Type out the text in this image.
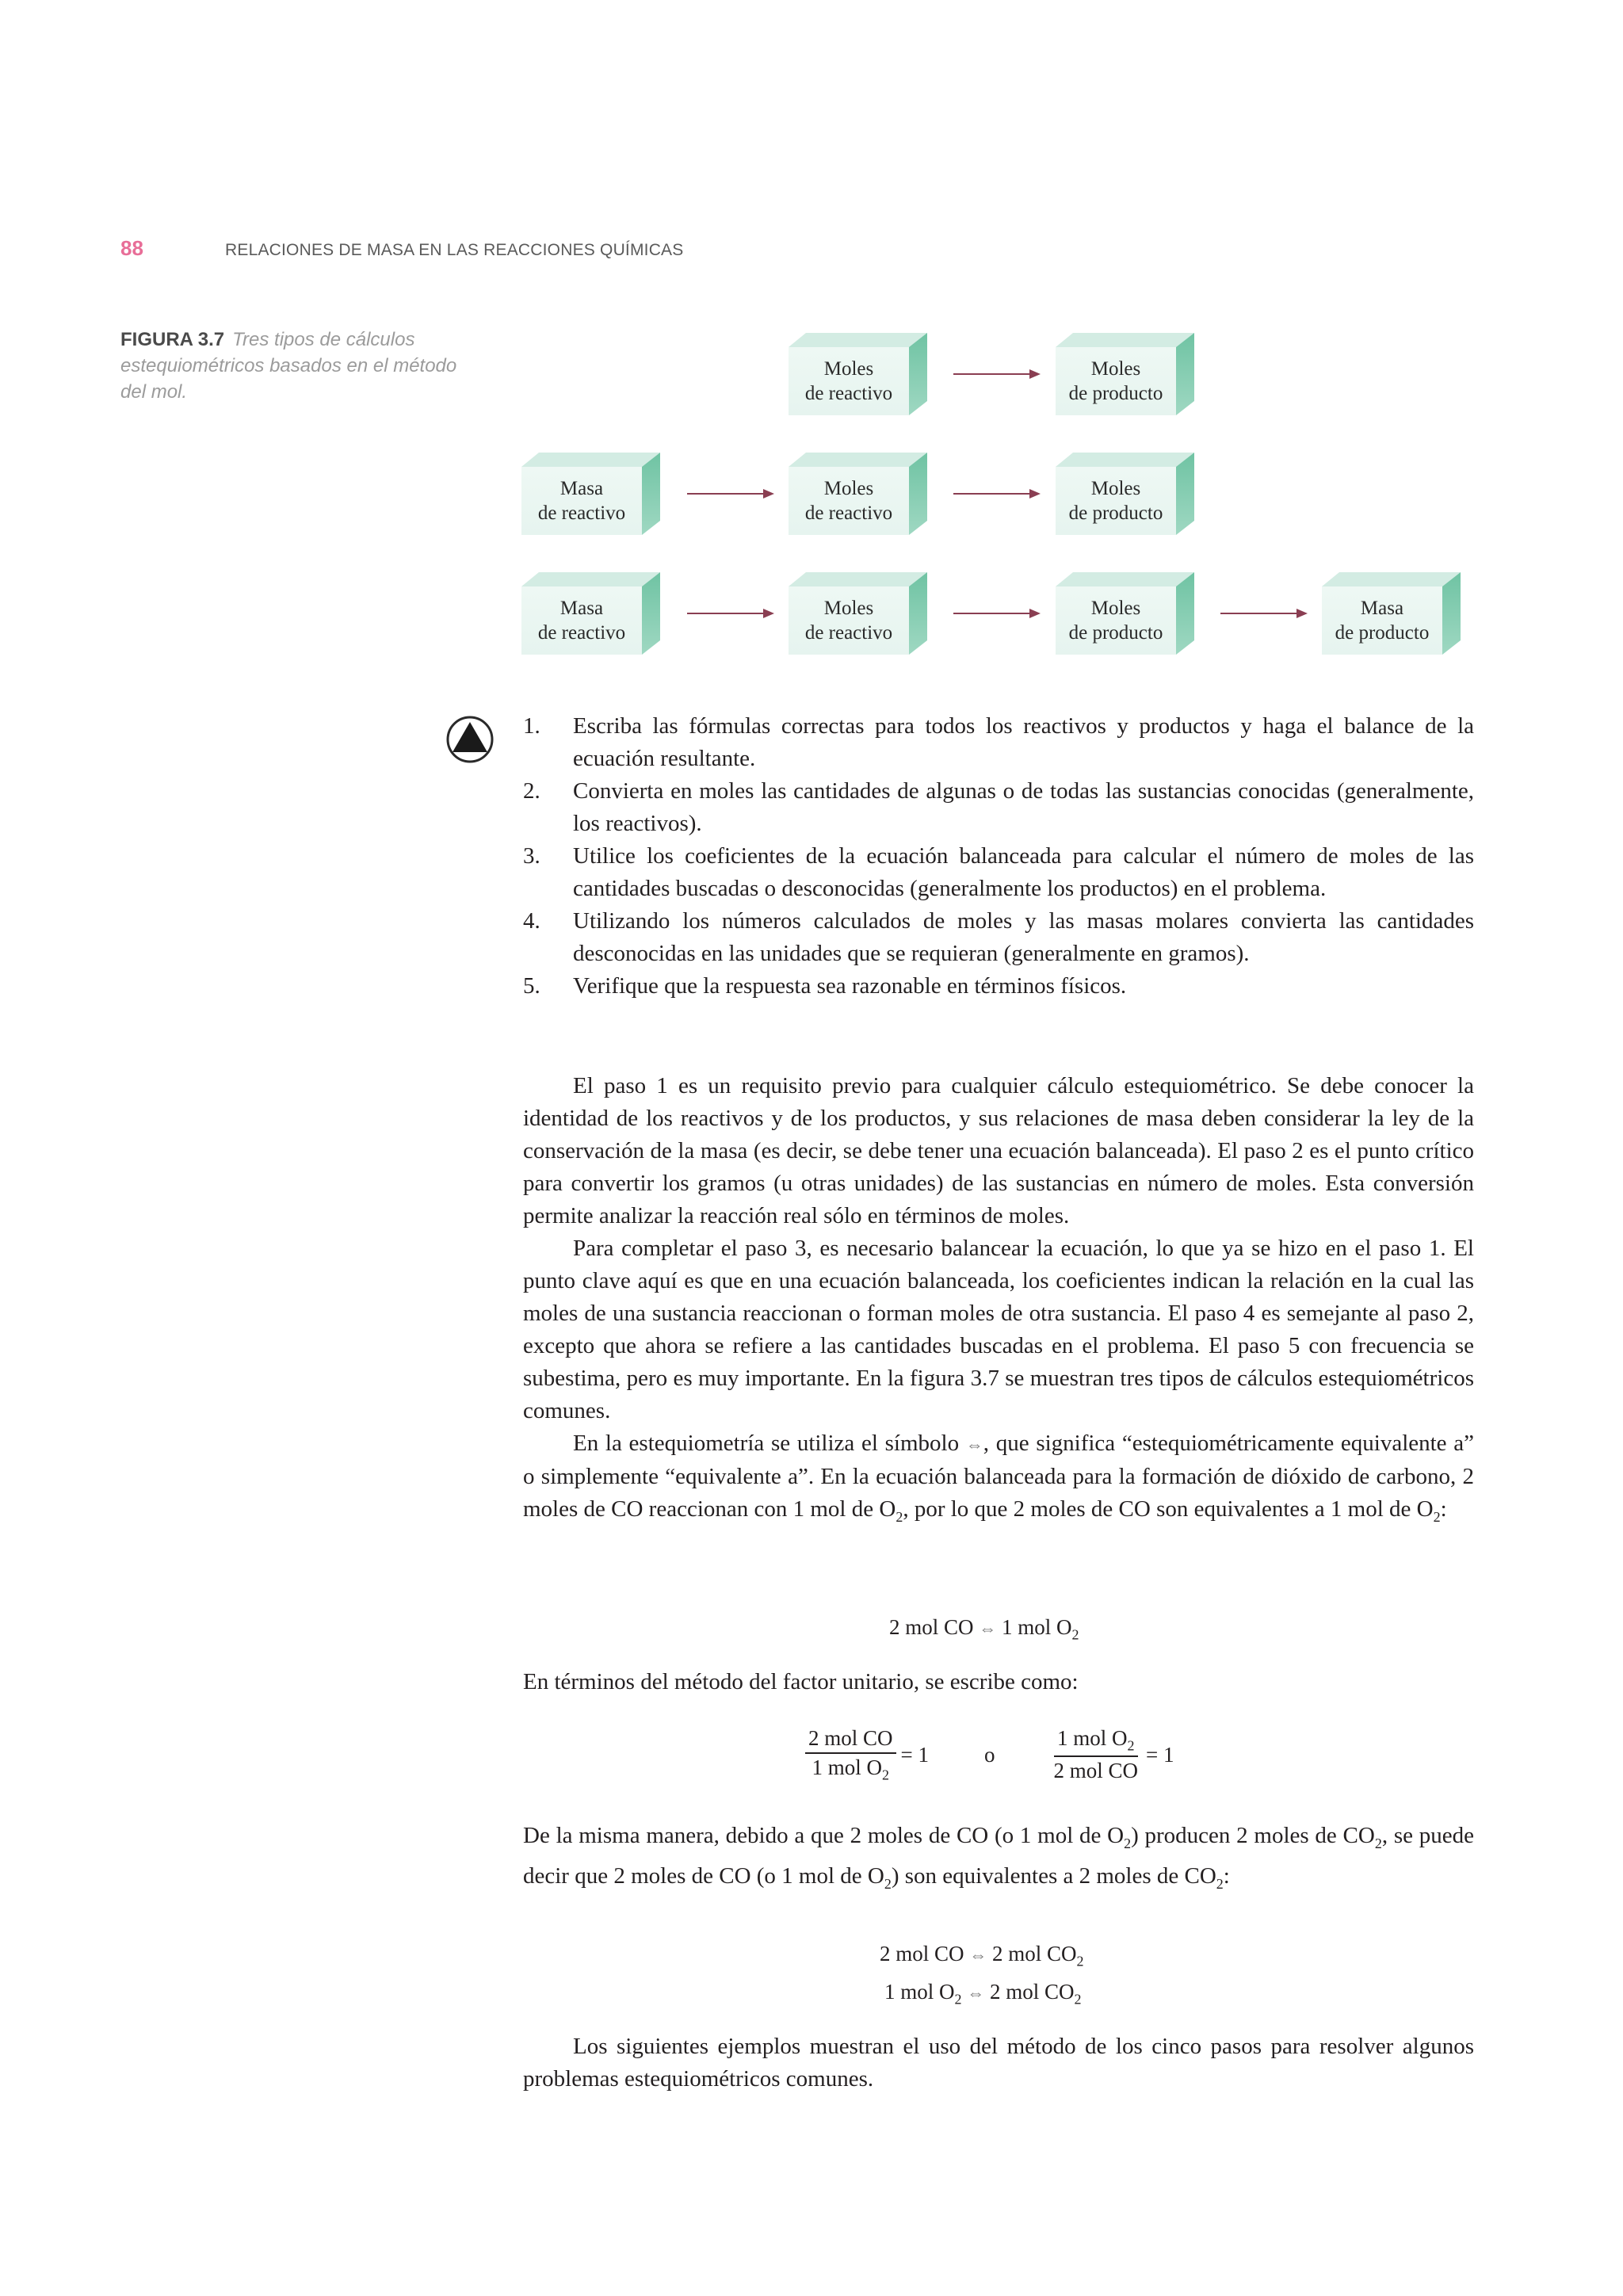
88	RELACIONES DE MASA EN LAS REACCIONES QUÍMICAS
FIGURA 3.7 Tres tipos de cálculos estequiométricos basados en el método del mol.
Moles
de reactivo
Moles
de producto
Masa
de reactivo
Moles
de reactivo
Moles
de producto
Masa
de reactivo
Moles
de reactivo
Moles
de producto
Masa
de producto
1.	Escriba las fórmulas correctas para todos los reactivos y productos y haga el balance de la ecuación resultante.
2.	Convierta en moles las cantidades de algunas o de todas las sustancias conocidas (generalmente, los reactivos).
3.	Utilice los coeficientes de la ecuación balanceada para calcular el número de moles de las cantidades buscadas o desconocidas (generalmente los productos) en el problema.
4.	Utilizando los números calculados de moles y las masas molares convierta las cantidades desconocidas en las unidades que se requieran (generalmente en gramos).
5.	Verifique que la respuesta sea razonable en términos físicos.

El paso 1 es un requisito previo para cualquier cálculo estequiométrico. Se debe conocer la identidad de los reactivos y de los productos, y sus relaciones de masa deben considerar la ley de la conservación de la masa (es decir, se debe tener una ecuación balanceada). El paso 2 es el punto crítico para convertir los gramos (u otras unidades) de las sustancias en número de moles. Esta conversión permite analizar la reacción real sólo en términos de moles.

Para completar el paso 3, es necesario balancear la ecuación, lo que ya se hizo en el paso 1. El punto clave aquí es que en una ecuación balanceada, los coeficientes indican la relación en la cual las moles de una sustancia reaccionan o forman moles de otra sustancia. El paso 4 es semejante al paso 2, excepto que ahora se refiere a las cantidades buscadas en el problema. El paso 5 con frecuencia se subestima, pero es muy importante. En la figura 3.7 se muestran tres tipos de cálculos estequiométricos comunes.

En la estequiometría se utiliza el símbolo ⇔, que significa “estequiométricamente equivalente a” o simplemente “equivalente a”. En la ecuación balanceada para la formación de dióxido de carbono, 2 moles de CO reaccionan con 1 mol de $O_2$, por lo que 2 moles de CO son equivalentes a 1 mol de $O_2$:

2 mol CO ⇔ 1 mol $O_2$

En términos del método del factor unitario, se escribe como:

$\frac{\text{2 mol CO}}{1 mol O_2} = 1$	o	$\frac{1 mol O_2}{\text{2 mol CO}} = 1$

De la misma manera, debido a que 2 moles de CO (o 1 mol de $O_2$) producen 2 moles de $CO_2$, se puede decir que 2 moles de CO (o 1 mol de $O_2$) son equivalentes a 2 moles de $CO_2$:

2 mol CO ⇔ 2 mol $CO_2$
1 mol $O_2$ ⇔ 2 mol $CO_2$

Los siguientes ejemplos muestran el uso del método de los cinco pasos para resolver algunos problemas estequiométricos comunes.
